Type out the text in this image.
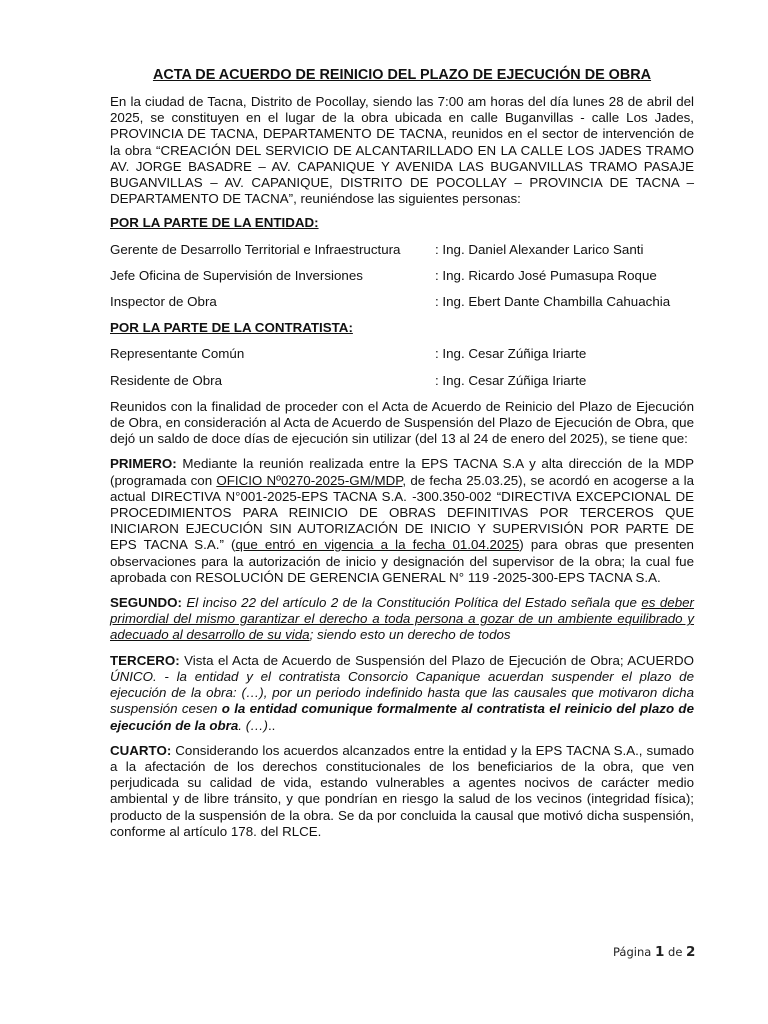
ACTA DE ACUERDO DE REINICIO DEL PLAZO DE EJECUCIÓN DE OBRA

En la ciudad de Tacna, Distrito de Pocollay, siendo las 7:00 am horas del día lunes 28 de abril del 2025, se constituyen en el lugar de la obra ubicada en calle Buganvillas - calle Los Jades, PROVINCIA DE TACNA, DEPARTAMENTO DE TACNA, reunidos en el sector de intervención de la obra “CREACIÓN DEL SERVICIO DE ALCANTARILLADO EN LA CALLE LOS JADES TRAMO AV. JORGE BASADRE – AV. CAPANIQUE Y AVENIDA LAS BUGANVILLAS TRAMO PASAJE BUGANVILLAS – AV. CAPANIQUE, DISTRITO DE POCOLLAY – PROVINCIA DE TACNA – DEPARTAMENTO DE TACNA”, reuniéndose las siguientes personas:

POR LA PARTE DE LA ENTIDAD:

Gerente de Desarrollo Territorial e Infraestructura	: Ing. Daniel Alexander Larico Santi
Jefe Oficina de Supervisión de Inversiones	: Ing. Ricardo José Pumasupa Roque
Inspector de Obra	: Ing. Ebert Dante Chambilla Cahuachia

POR LA PARTE DE LA CONTRATISTA:

Representante Común	: Ing. Cesar Zúñiga Iriarte
Residente de Obra	: Ing. Cesar Zúñiga Iriarte

Reunidos con la finalidad de proceder con el Acta de Acuerdo de Reinicio del Plazo de Ejecución de Obra, en consideración al Acta de Acuerdo de Suspensión del Plazo de Ejecución de Obra, que dejó un saldo de doce días de ejecución sin utilizar (del 13 al 24 de enero del 2025), se tiene que:

PRIMERO: Mediante la reunión realizada entre la EPS TACNA S.A y alta dirección de la MDP (programada con OFICIO Nº0270-2025-GM/MDP, de fecha 25.03.25), se acordó en acogerse a la actual DIRECTIVA N°001-2025-EPS TACNA S.A. -300.350-002 “DIRECTIVA EXCEPCIONAL DE PROCEDIMIENTOS PARA REINICIO DE OBRAS DEFINITIVAS POR TERCEROS QUE INICIARON EJECUCIÓN SIN AUTORIZACIÓN DE INICIO Y SUPERVISIÓN POR PARTE DE EPS TACNA S.A.” (que entró en vigencia a la fecha 01.04.2025) para obras que presenten observaciones para la autorización de inicio y designación del supervisor de la obra; la cual fue aprobada con RESOLUCIÓN DE GERENCIA GENERAL N° 119 -2025-300-EPS TACNA S.A.

SEGUNDO: El inciso 22 del artículo 2 de la Constitución Política del Estado señala que es deber primordial del mismo garantizar el derecho a toda persona a gozar de un ambiente equilibrado y adecuado al desarrollo de su vida; siendo esto un derecho de todos

TERCERO: Vista el Acta de Acuerdo de Suspensión del Plazo de Ejecución de Obra; ACUERDO ÚNICO. - la entidad y el contratista Consorcio Capanique acuerdan suspender el plazo de ejecución de la obra: (…), por un periodo indefinido hasta que las causales que motivaron dicha suspensión cesen o la entidad comunique formalmente al contratista el reinicio del plazo de ejecución de la obra. (…)..

CUARTO: Considerando los acuerdos alcanzados entre la entidad y la EPS TACNA S.A., sumado a la afectación de los derechos constitucionales de los beneficiarios de la obra, que ven perjudicada su calidad de vida, estando vulnerables a agentes nocivos de carácter medio ambiental y de libre tránsito, y que pondrían en riesgo la salud de los vecinos (integridad física); producto de la suspensión de la obra. Se da por concluida la causal que motivó dicha suspensión, conforme al artículo 178. del RLCE.

Página 1 de 2
